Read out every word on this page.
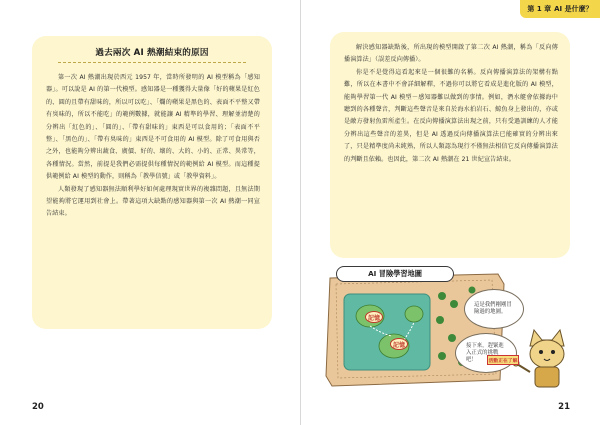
過去兩次 AI 熱潮結束的原因

第一次 AI 熱潮出現於西元 1957 年，當時所發明的 AI 模型稱為「感知器」。可以說是 AI 的第一代模型。感知器是一種獲得大量像「好的蘋果是紅色的、圓的且帶有甜味的，所以可以吃」、「爛的蘋果是黑色的、表面不平整又帶有臭味的，所以不能吃」的範例數據，就能讓 AI 精準的學習、理解並清楚的分辨出「紅色的」、「圓的」、「帶有甜味的」東西是可以食用的；「表面不平整」、「黑色的」、「帶有臭味的」東西是不可食用的 AI 模型。除了可食用與否之外，也能夠分辨出蔬食、廣價、好的、壞的、大的、小的、正常、異常等，各種情況。當然，前提是我們必需提供每種情況的範例給 AI 模型。而這種提供範例給 AI 模型的動作，則稱為「教學信號」或「教學資料」。

人類發現了感知器無法順利學好如何處理現實世界的複雜問題，且無法期望能夠將它運用到社會上。帶著這項大缺點的感知器與第一次 AI 熱潮一同宣告結束。

20
第 1 章 AI 是什麼？
21

解決感知器缺點後，所出現的模型開啟了第二次 AI 熱潮，稱為「反向傳播演算法」（誤差反向傳播）。

你是不是覺得這看起來是一個很難的名稱。反向傳播演算法的架構有點難，所以在本書中不會詳細解釋，不過你可以將它看成是進化版的 AI 模型，能夠學習第一代 AI 模型－感知器難以做到的事情。例如，潛水艇會依據海中聽到的各種聲音，判斷這些聲音是來自於海水拍岩石、鯨魚身上發出的，亦或是敵方發射魚雷所產生。在反向傳播演算法出現之前，只有受過訓練的人才能分辨出這些聲音的差異，但是 AI 透過反向傳播演算法已能確實的分辨出來了，只是精準度尚未純熟，所以人類認為現行不僅無法相信它反向傳播演算法的判斷且依賴。也因此，第二次 AI 熱潮在 21 世紀宣告結束。

AI 冒險學習地圖
記憶
記憶
這是我們剛剛冒險過的地圖。
接下來，趕緊進入正式的挑戰吧！	活動正在了解
